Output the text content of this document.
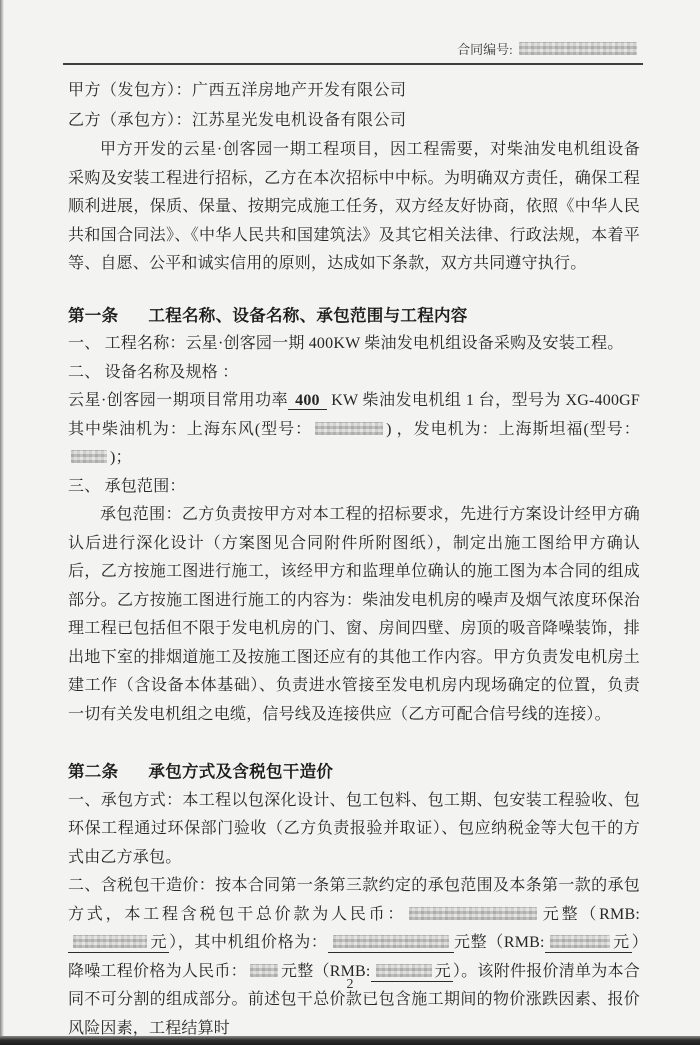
合同编号:

甲方（发包方）：广西五洋房地产开发有限公司

乙方（承包方）：江苏星光发电机设备有限公司

甲方开发的云星·创客园一期工程项目，因工程需要，对柴油发电机组设备采购及安装工程进行招标，乙方在本次招标中中标。为明确双方责任，确保工程顺利进展，保质、保量、按期完成施工任务，双方经友好协商，依照《中华人民共和国合同法》、《中华人民共和国建筑法》及其它相关法律、行政法规，本着平等、自愿、公平和诚实信用的原则，达成如下条款，双方共同遵守执行。

第一条 工程名称、设备名称、承包范围与工程内容

一、 工程名称：云星·创客园一期 400KW 柴油发电机组设备采购及安装工程。

二、 设备名称及规格 ：

云星·创客园一期项目常用功率 400 KW 柴油发电机组 1 台，型号为 XG-400GF 其中柴油机为：上海东风(型号：	) ，发电机为：上海斯坦福(型号：)；

三、 承包范围：

承包范围：乙方负责按甲方对本工程的招标要求，先进行方案设计经甲方确认后进行深化设计（方案图见合同附件所附图纸），制定出施工图给甲方确认后，乙方按施工图进行施工，该经甲方和监理单位确认的施工图为本合同的组成部分。乙方按施工图进行施工的内容为：柴油发电机房的噪声及烟气浓度环保治理工程已包括但不限于发电机房的门、窗、房间四壁、房顶的吸音降噪装饰，排出地下室的排烟道施工及按施工图还应有的其他工作内容。甲方负责发电机房土建工作（含设备本体基础）、负责进水管接至发电机房内现场确定的位置，负责一切有关发电机组之电缆，信号线及连接供应（乙方可配合信号线的连接）。

第二条 承包方式及含税包干造价

一、承包方式：本工程以包深化设计、包工包料、包工期、包安装工程验收、包环保工程通过环保部门验收（乙方负责报验并取证）、包应纳税金等大包干的方式由乙方承包。

二、含税包干造价：按本合同第一条第三款约定的承包范围及本条第一款的承包方式，本工程含税包干总价款为人民币：	元整（RMB:元 ），其中机组价格为：	元整（RMB:	元 ）降噪工程价格为人民币： 元整（RMB:	元 ）。该附件报价清单为本合同不可分割的组成部分。前述包干总价款已包含施工期间的物价涨跌因素、报价风险因素，工程结算时

2
